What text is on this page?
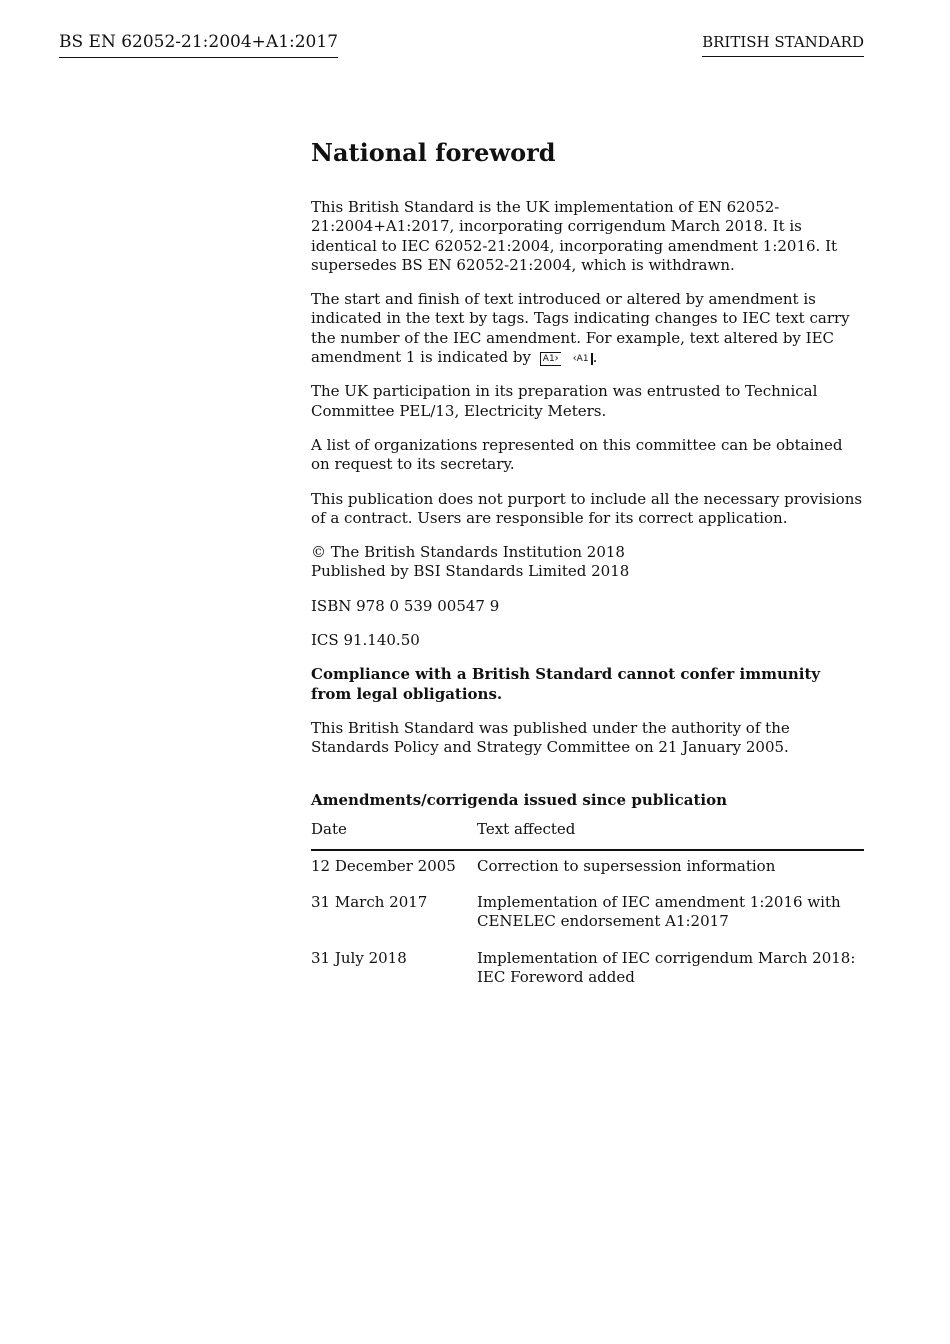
BS EN 62052-21:2004+A1:2017	BRITISH STANDARD
National foreword

This British Standard is the UK implementation of EN 62052-21:2004+A1:2017, incorporating corrigendum March 2018. It is identical to IEC 62052-21:2004, incorporating amendment 1:2016. It supersedes BS EN 62052-21:2004, which is withdrawn.

The start and finish of text introduced or altered by amendment is indicated in the text by tags. Tags indicating changes to IEC text carry the number of the IEC amendment. For example, text altered by IEC amendment 1 is indicated by A1 › ‹ A1 .

The UK participation in its preparation was entrusted to Technical Committee PEL/13, Electricity Meters.

A list of organizations represented on this committee can be obtained on request to its secretary.

This publication does not purport to include all the necessary provisions of a contract. Users are responsible for its correct application.

© The British Standards Institution 2018
Published by BSI Standards Limited 2018

ISBN 978 0 539 00547 9

ICS 91.140.50

Compliance with a British Standard cannot confer immunity from legal obligations.

This British Standard was published under the authority of the Standards Policy and Strategy Committee on 21 January 2005.

Amendments/corrigenda issued since publication
Date	Text affected
12 December 2005	Correction to supersession information
31 March 2017	Implementation of IEC amendment 1:2016 with CENELEC endorsement A1:2017
31 July 2018	Implementation of IEC corrigendum March 2018: IEC Foreword added
